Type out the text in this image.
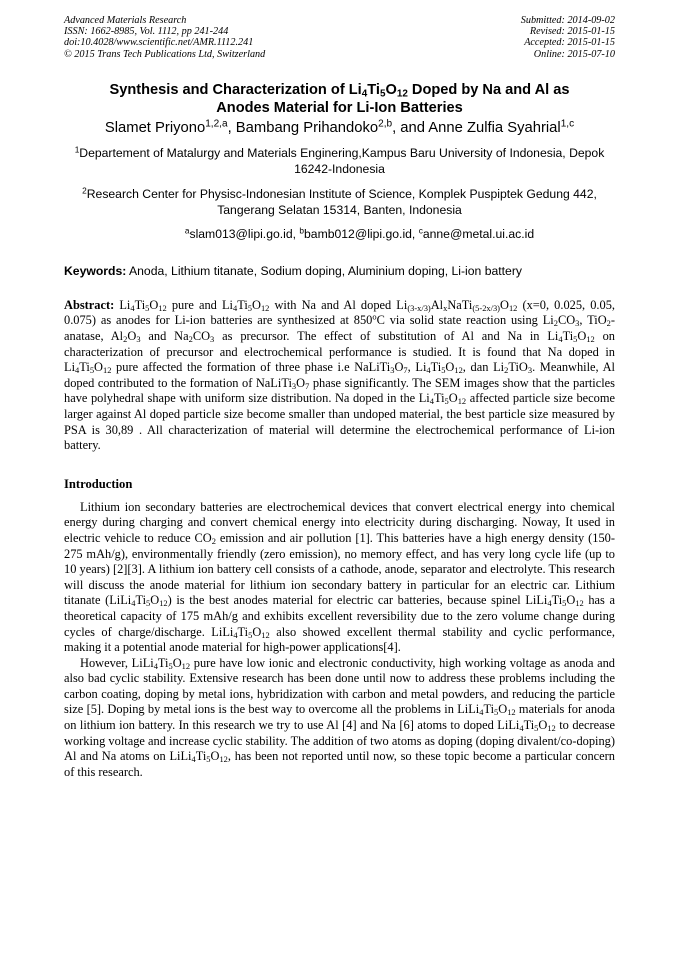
Advanced Materials Research
ISSN: 1662-8985, Vol. 1112, pp 241-244
doi:10.4028/www.scientific.net/AMR.1112.241
© 2015 Trans Tech Publications Ltd, Switzerland
Submitted: 2014-09-02
Revised: 2015-01-15
Accepted: 2015-01-15
Online: 2015-07-10
Synthesis and Characterization of $Li_4Ti_5O_{12}$ Doped by Na and Al as
Anodes Material for Li-Ion Batteries
Slamet Priyono$^{1,2,a}$, Bambang Prihandoko$^{2,b}$, and Anne Zulfia Syahrial$^{1,c}$
$^1$Departement of Matalurgy and Materials Enginering,Kampus Baru University of Indonesia, Depok
16242-Indonesia
$^2$Research Center for Physisc-Indonesian Institute of Science, Komplek Puspiptek Gedung 442,
Tangerang Selatan 15314, Banten, Indonesia
$^a$slam013@lipi.go.id, $^b$bamb012@lipi.go.id, $^c$anne@metal.ui.ac.id
Keywords: Anoda, Lithium titanate, Sodium doping, Aluminium doping, Li-ion battery
Abstract: $Li_4Ti_5O_{12}$ pure and $Li_4Ti_5O_{12}$ with Na and Al doped $Li_{(3-x/3)}Al_xNaTi_{(5-2x/3)}O_{12}$ (x=0, 0.025, 0.05, 0.075) as anodes for Li-ion batteries are synthesized at 850$^o$C via solid state reaction using $Li_2CO_3$, TiO$_2$-anatase, $Al_2O_3$ and $Na_2CO_3$ as precursor. The effect of substitution of Al and Na in $Li_4Ti_5O_{12}$ on characterization of precursor and electrochemical performance is studied. It is found that Na doped in $Li_4Ti_5O_{12}$ pure affected the formation of three phase i.e $NaLiTi_3O_7$, $Li_4Ti_5O_{12}$, dan $Li_2TiO_3$. Meanwhile, Al doped contributed to the formation of $NaLiTi_3O_7$ phase significantly. The SEM images show that the particles have polyhedral shape with uniform size distribution. Na doped in the $Li_4Ti_5O_{12}$ affected particle size become larger against Al doped particle size become smaller than undoped material, the best particle size measured by PSA is 30,89 . All characterization of material will determine the electrochemical performance of Li-ion battery.
Introduction

Lithium ion secondary batteries are electrochemical devices that convert electrical energy into chemical energy during charging and convert chemical energy into electricity during discharging. Noway, It used in electric vehicle to reduce $CO_2$ emission and air pollution [1]. This batteries have a high energy density (150-275 mAh/g), environmentally friendly (zero emission), no memory effect, and has very long cycle life (up to 10 years) [2][3]. A lithium ion battery cell consists of a cathode, anode, separator and electrolyte. This research will discuss the anode material for lithium ion secondary battery in particular for an electric car. Lithium titanate $(LiLi_4Ti_5O_{12})$ is the best anodes material for electric car batteries, because spinel $LiLi_4Ti_5O_{12}$ has a theoretical capacity of 175 mAh/g and exhibits excellent reversibility due to the zero volume change during cycles of charge/discharge. $LiLi_4Ti_5O_{12}$ also showed excellent thermal stability and cyclic performance, making it a potential anode material for high-power applications[4].

However, $LiLi_4Ti_5O_{12}$ pure have low ionic and electronic conductivity, high working voltage as anoda and also bad cyclic stability. Extensive research has been done until now to address these problems including the carbon coating, doping by metal ions, hybridization with carbon and metal powders, and reducing the particle size [5]. Doping by metal ions is the best way to overcome all the problems in $LiLi_4Ti_5O_{12}$ materials for anoda on lithium ion battery. In this research we try to use Al [4] and Na [6] atoms to doped $LiLi_4Ti_5O_{12}$ to decrease working voltage and increase cyclic stability. The addition of two atoms as doping (doping divalent/co-doping) Al and Na atoms on $LiLi_4Ti_5O_{12}$, has been not reported until now, so these topic become a particular concern of this research.
